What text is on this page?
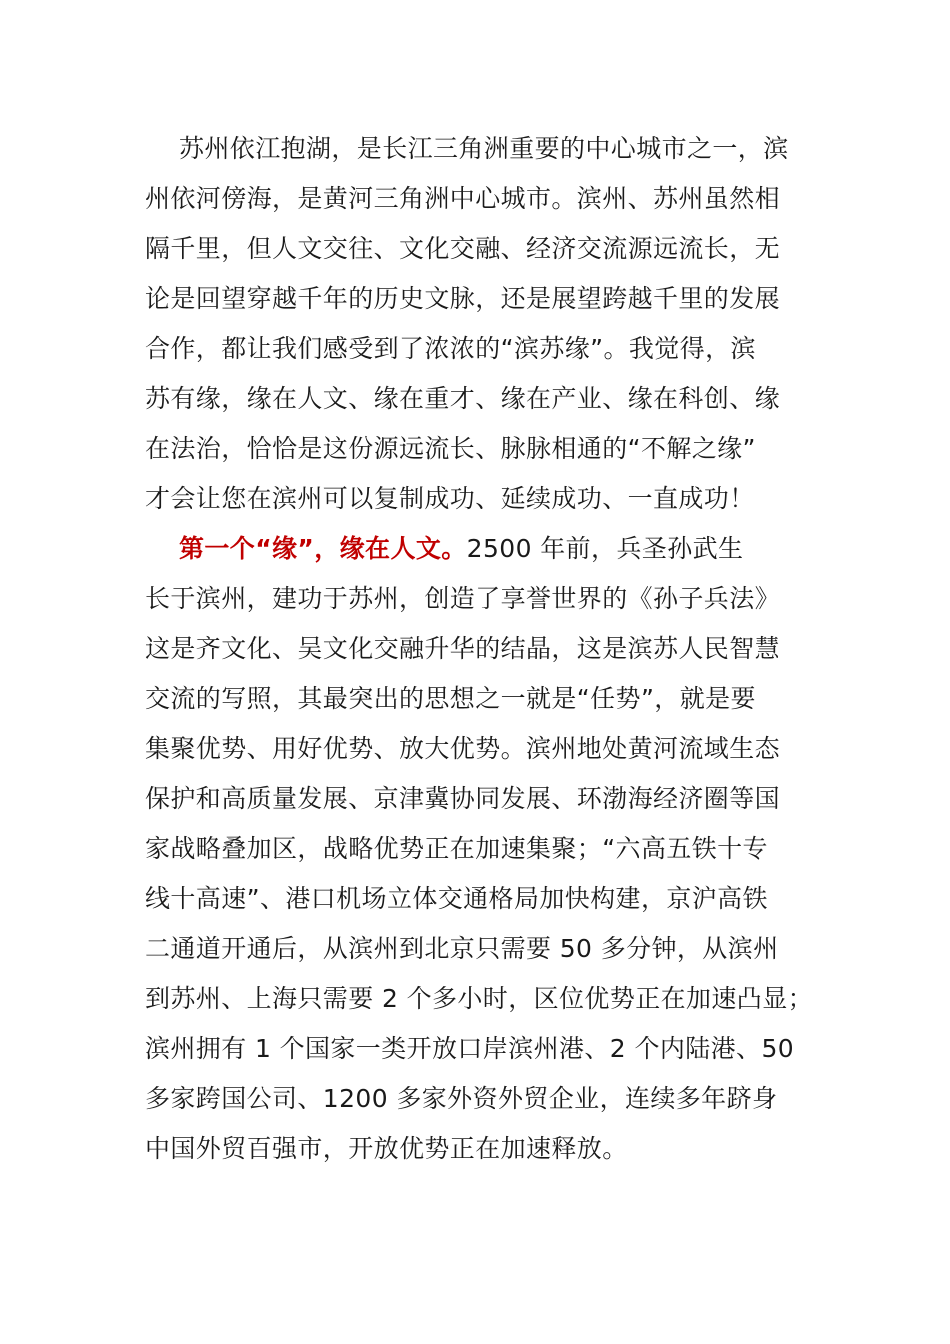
苏州依江抱湖，是长江三角洲重要的中心城市之一，滨
州依河傍海，是黄河三角洲中心城市。滨州、苏州虽然相
隔千里，但人文交往、文化交融、经济交流源远流长，无
论是回望穿越千年的历史文脉，还是展望跨越千里的发展
合作，都让我们感受到了浓浓的“滨苏缘”。我觉得，滨
苏有缘，缘在人文、缘在重才、缘在产业、缘在科创、缘
在法治，恰恰是这份源远流长、脉脉相通的“不解之缘”
才会让您在滨州可以复制成功、延续成功、一直成功！
第一个“缘”，缘在人文。2500 年前，兵圣孙武生
长于滨州，建功于苏州，创造了享誉世界的《孙子兵法》
这是齐文化、吴文化交融升华的结晶，这是滨苏人民智慧
交流的写照，其最突出的思想之一就是“任势”，就是要
集聚优势、用好优势、放大优势。滨州地处黄河流域生态
保护和高质量发展、京津冀协同发展、环渤海经济圈等国
家战略叠加区，战略优势正在加速集聚；“六高五铁十专
线十高速”、港口机场立体交通格局加快构建，京沪高铁
二通道开通后，从滨州到北京只需要 50 多分钟，从滨州
到苏州、上海只需要 2 个多小时，区位优势正在加速凸显；
滨州拥有 1 个国家一类开放口岸滨州港、2 个内陆港、50
多家跨国公司、1200 多家外资外贸企业，连续多年跻身
中国外贸百强市，开放优势正在加速释放。
